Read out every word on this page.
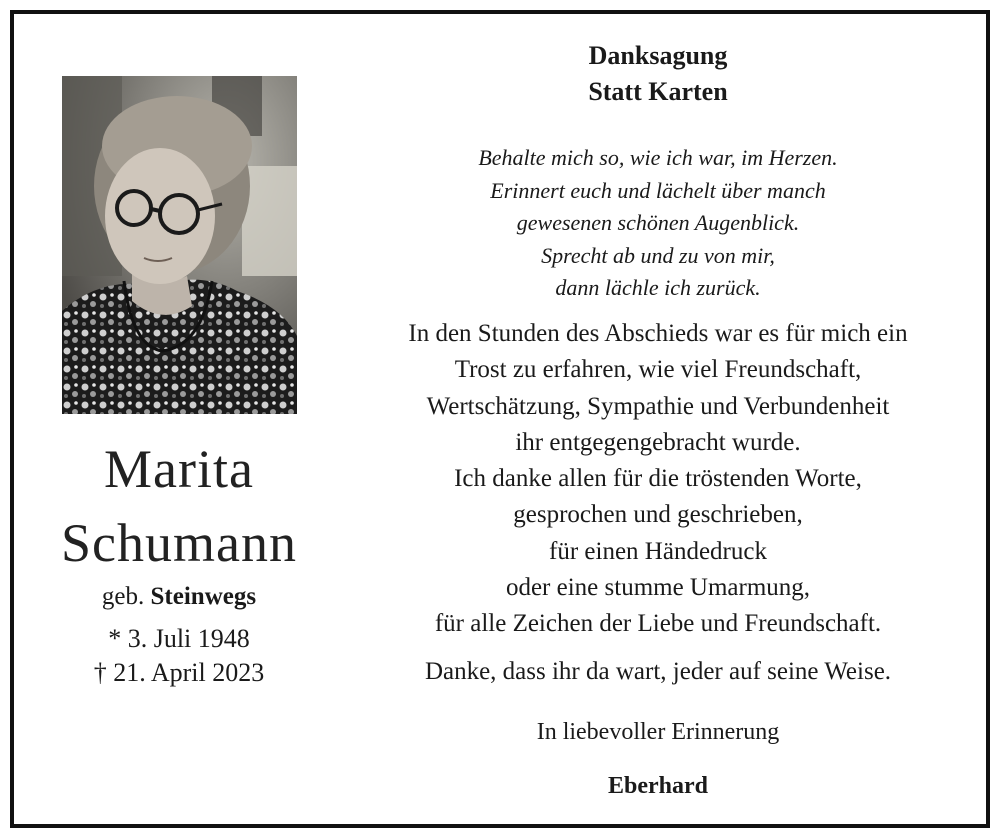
Marita
Schumann
geb. Steinwegs
* 3. Juli 1948
† 21. April 2023
Danksagung
Statt Karten
Behalte mich so, wie ich war, im Herzen.
Erinnert euch und lächelt über manch
gewesenen schönen Augenblick.
Sprecht ab und zu von mir,
dann lächle ich zurück.
In den Stunden des Abschieds war es für mich ein
Trost zu erfahren, wie viel Freundschaft,
Wertschätzung, Sympathie und Verbundenheit
ihr entgegengebracht wurde.
Ich danke allen für die tröstenden Worte,
gesprochen und geschrieben,
für einen Händedruck
oder eine stumme Umarmung,
für alle Zeichen der Liebe und Freundschaft.
Danke, dass ihr da wart, jeder auf seine Weise.
In liebevoller Erinnerung
Eberhard
